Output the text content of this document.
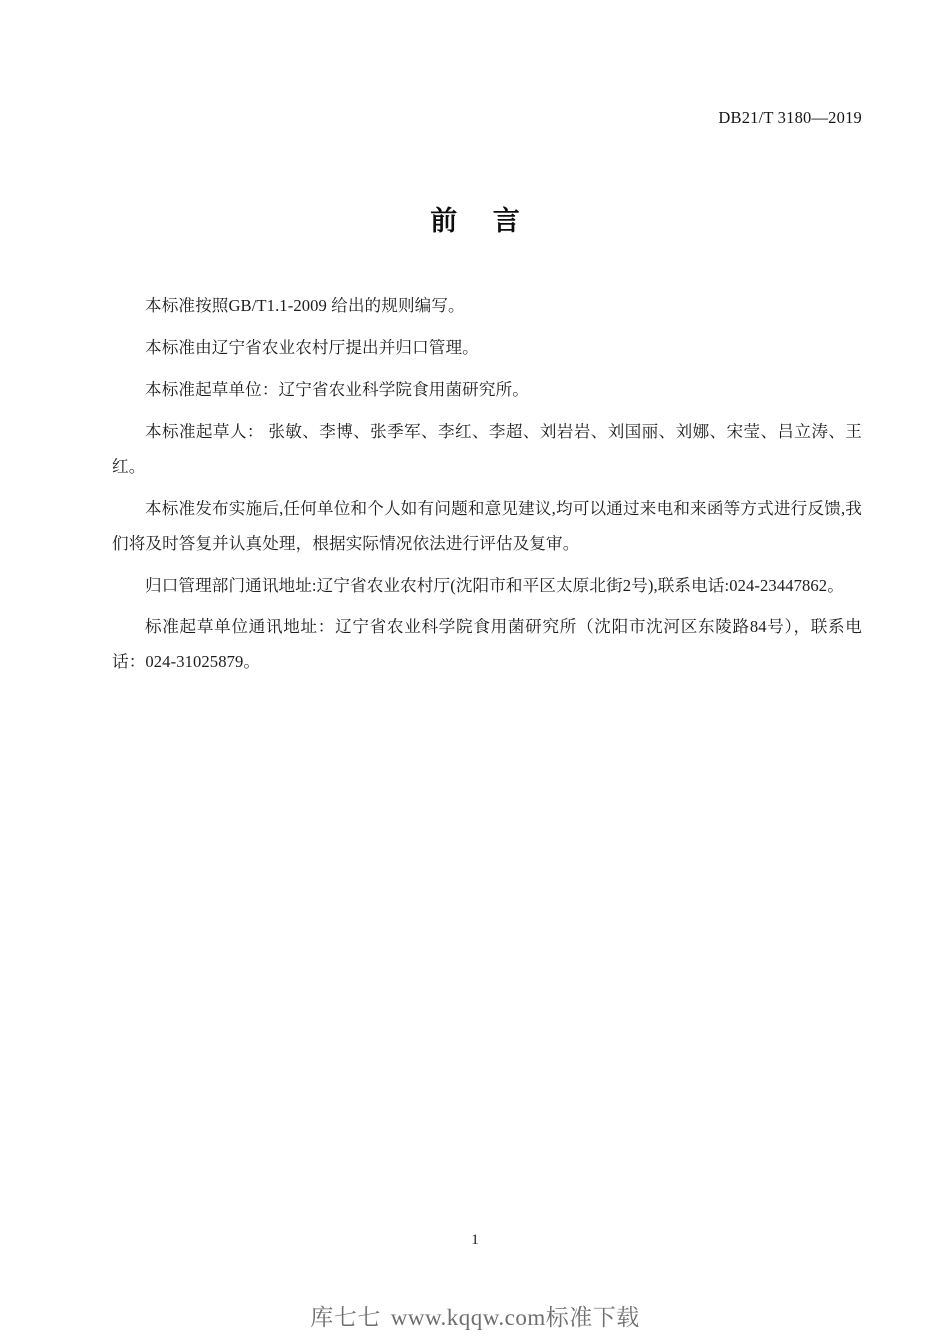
DB21/T 3180—2019
前 言

本标准按照GB/T1.1-2009 给出的规则编写。

本标准由辽宁省农业农村厅提出并归口管理。

本标准起草单位：辽宁省农业科学院食用菌研究所。

本标准起草人： 张敏、李博、张季军、李红、李超、刘岩岩、刘国丽、刘娜、宋莹、吕立涛、王红。

本标准发布实施后,任何单位和个人如有问题和意见建议,均可以通过来电和来函等方式进行反馈,我们将及时答复并认真处理，根据实际情况依法进行评估及复审。

归口管理部门通讯地址:辽宁省农业农村厅(沈阳市和平区太原北街2号),联系电话:024-23447862。

标准起草单位通讯地址：辽宁省农业科学院食用菌研究所（沈阳市沈河区东陵路84号），联系电话：024-31025879。

1
库七七 www.kqqw.com标准下载
